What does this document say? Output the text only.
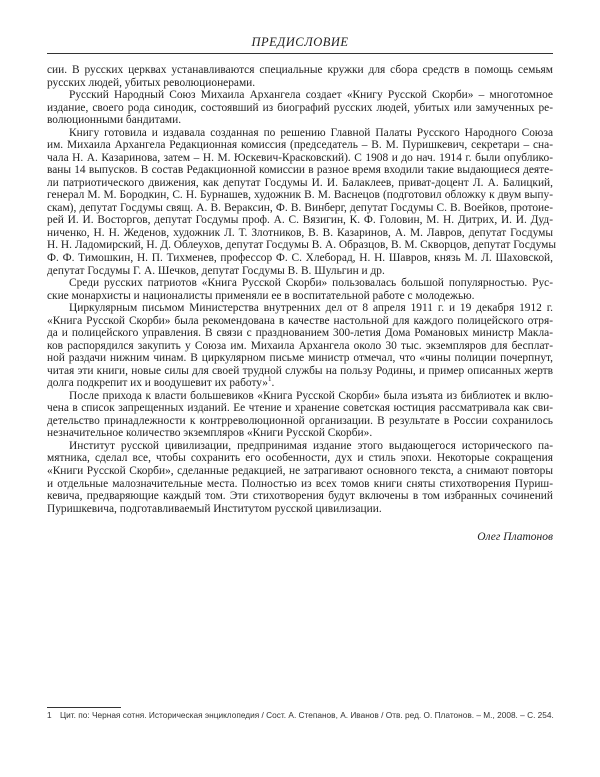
ПРЕДИСЛОВИЕ
сии. В русских церквах устанавливаются специальные кружки для сбора средств в помощь семьям
русских людей, убитых революционерами.
Русский Народный Союз Михаила Архангела создает «Книгу Русской Скорби» – многотомное
издание, своего рода синодик, состоявший из биографий русских людей, убитых или замученных ре-
волюционными бандитами.
Книгу готовила и издавала созданная по решению Главной Палаты Русского Народного Союза
им. Михаила Архангела Редакционная комиссия (председатель – В. М. Пуришкевич, секретари – сна-
чала Н. А. Казаринова, затем – Н. М. Юскевич-Красковский). С 1908 и до нач. 1914 г. были опублико-
ваны 14 выпусков. В состав Редакционной комиссии в разное время входили такие выдающиеся деяте-
ли патриотического движения, как депутат Госдумы И. И. Балаклеев, приват-доцент Л. А. Балицкий,
генерал М. М. Бородкин, С. Н. Бурнашев, художник В. М. Васнецов (подготовил обложку к двум выпу-
скам), депутат Госдумы свящ. А. В. Вераксин, Ф. В. Винберг, депутат Госдумы С. В. Воейков, протоие-
рей И. И. Восторгов, депутат Госдумы проф. А. С. Вязигин, К. Ф. Головин, М. Н. Дитрих, И. И. Дуд-
ниченко, Н. Н. Жеденов, художник Л. Т. Злотников, В. В. Казаринов, А. М. Лавров, депутат Госдумы
Н. Н. Ладомирский, Н. Д. Облеухов, депутат Госдумы В. А. Образцов, В. М. Скворцов, депутат Госдумы
Ф. Ф. Тимошкин, Н. П. Тихменев, профессор Ф. С. Хлеборад, Н. Н. Шавров, князь М. Л. Шаховской,
депутат Госдумы Г. А. Шечков, депутат Госдумы В. В. Шульгин и др.
Среди русских патриотов «Книга Русской Скорби» пользовалась большой популярностью. Рус-
ские монархисты и националисты применяли ее в воспитательной работе с молодежью.
Циркулярным письмом Министерства внутренних дел от 8 апреля 1911 г. и 19 декабря 1912 г.
«Книга Русской Скорби» была рекомендована в качестве настольной для каждого полицейского отря-
да и полицейского управления. В связи с празднованием 300-летия Дома Романовых министр Макла-
ков распорядился закупить у Союза им. Михаила Архангела около 30 тыс. экземпляров для бесплат-
ной раздачи нижним чинам. В циркулярном письме министр отмечал, что «чины полиции почерпнут,
читая эти книги, новые силы для своей трудной службы на пользу Родины, и пример описанных жертв
долга подкрепит их и воодушевит их работу»$^1$.
После прихода к власти большевиков «Книга Русской Скорби» была изъята из библиотек и вклю-
чена в список запрещенных изданий. Ее чтение и хранение советская юстиция рассматривала как сви-
детельство принадлежности к контрреволюционной организации. В результате в России сохранилось
незначительное количество экземпляров «Книги Русской Скорби».
Институт русской цивилизации, предпринимая издание этого выдающегося исторического па-
мятника, сделал все, чтобы сохранить его особенности, дух и стиль эпохи. Некоторые сокращения
«Книги Русской Скорби», сделанные редакцией, не затрагивают основного текста, а снимают повторы
и отдельные малозначительные места. Полностью из всех томов книги сняты стихотворения Пуриш-
кевича, предваряющие каждый том. Эти стихотворения будут включены в том избранных сочинений
Пуришкевича, подготавливаемый Институтом русской цивилизации.
Олег Платонов
1 Цит. по: Черная сотня. Историческая энциклопедия / Сост. А. Степанов, А. Иванов / Отв. ред. О. Платонов. – М., 2008. – С. 254.
